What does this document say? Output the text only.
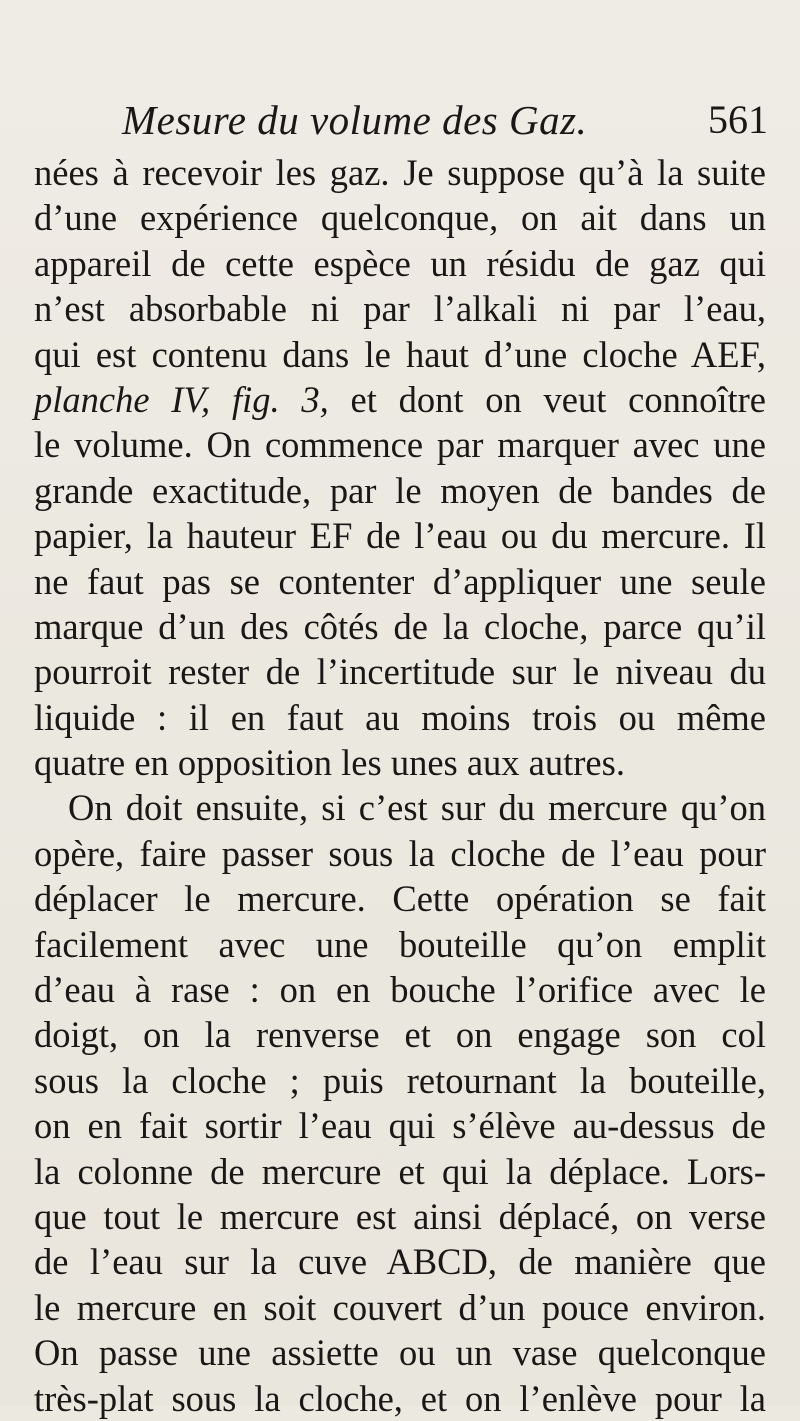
Mesure du volume des Gaz.	561
nées à recevoir les gaz. Je suppose qu’à la suite
d’une expérience quelconque, on ait dans un
appareil de cette espèce un résidu de gaz qui
n’est absorbable ni par l’alkali ni par l’eau,
qui est contenu dans le haut d’une cloche AEF,
planche IV, fig. 3, et dont on veut connoître
le volume. On commence par marquer avec une
grande exactitude, par le moyen de bandes de
papier, la hauteur EF de l’eau ou du mercure. Il
ne faut pas se contenter d’appliquer une seule
marque d’un des côtés de la cloche, parce qu’il
pourroit rester de l’incertitude sur le niveau du
liquide : il en faut au moins trois ou même
quatre en opposition les unes aux autres.
On doit ensuite, si c’est sur du mercure qu’on
opère, faire passer sous la cloche de l’eau pour
déplacer le mercure. Cette opération se fait
facilement avec une bouteille qu’on emplit
d’eau à rase : on en bouche l’orifice avec le
doigt, on la renverse et on engage son col
sous la cloche ; puis retournant la bouteille,
on en fait sortir l’eau qui s’élève au-dessus de
la colonne de mercure et qui la déplace. Lors-
que tout le mercure est ainsi déplacé, on verse
de l’eau sur la cuve ABCD, de manière que
le mercure en soit couvert d’un pouce environ.
On passe une assiette ou un vase quelconque
très-plat sous la cloche, et on l’enlève pour la
